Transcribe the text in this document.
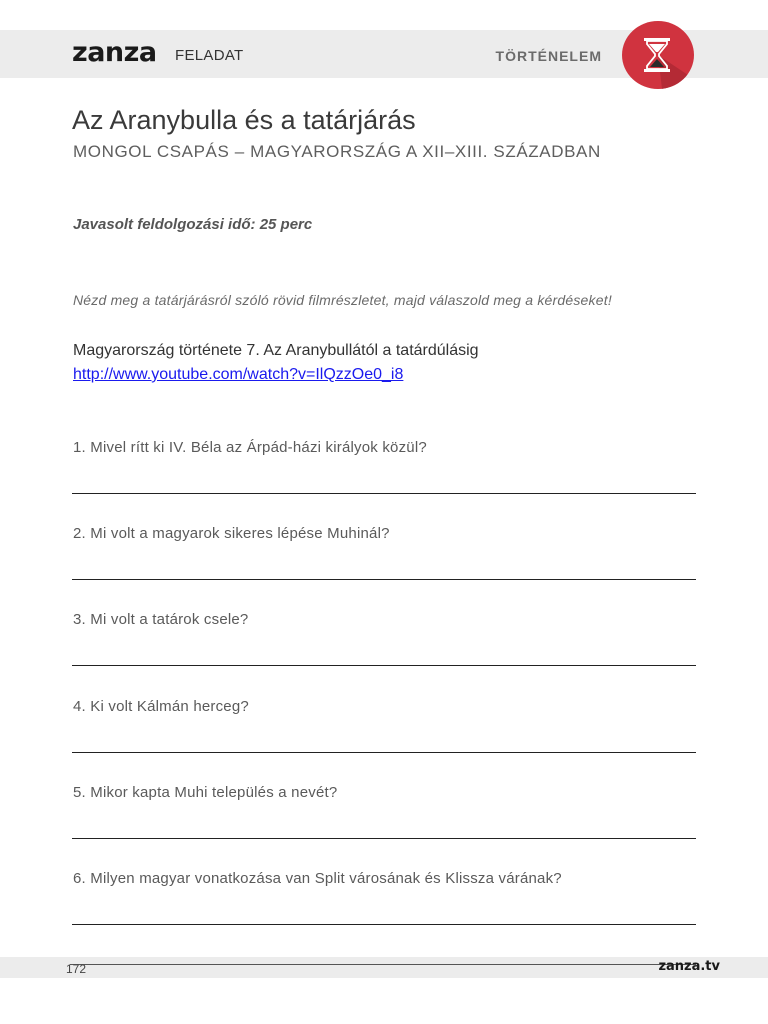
zanza FELADAT	TÖRTÉNELEM
Az Aranybulla és a tatárjárás
MONGOL CSAPÁS – MAGYARORSZÁG A XII–XIII. SZÁZADBAN
Javasolt feldolgozási idő: 25 perc
Nézd meg a tatárjárásról szóló rövid filmrészletet, majd válaszold meg a kérdéseket!
Magyarország története 7. Az Aranybullától a tatárdúlásig
http://www.youtube.com/watch?v=IlQzzOe0_i8
1. Mivel rítt ki IV. Béla az Árpád-házi királyok közül?
2. Mi volt a magyarok sikeres lépése Muhinál?
3. Mi volt a tatárok csele?
4. Ki volt Kálmán herceg?
5. Mikor kapta Muhi település a nevét?
6. Milyen magyar vonatkozása van Split városának és Klissza várának?
172	zanza.tv
